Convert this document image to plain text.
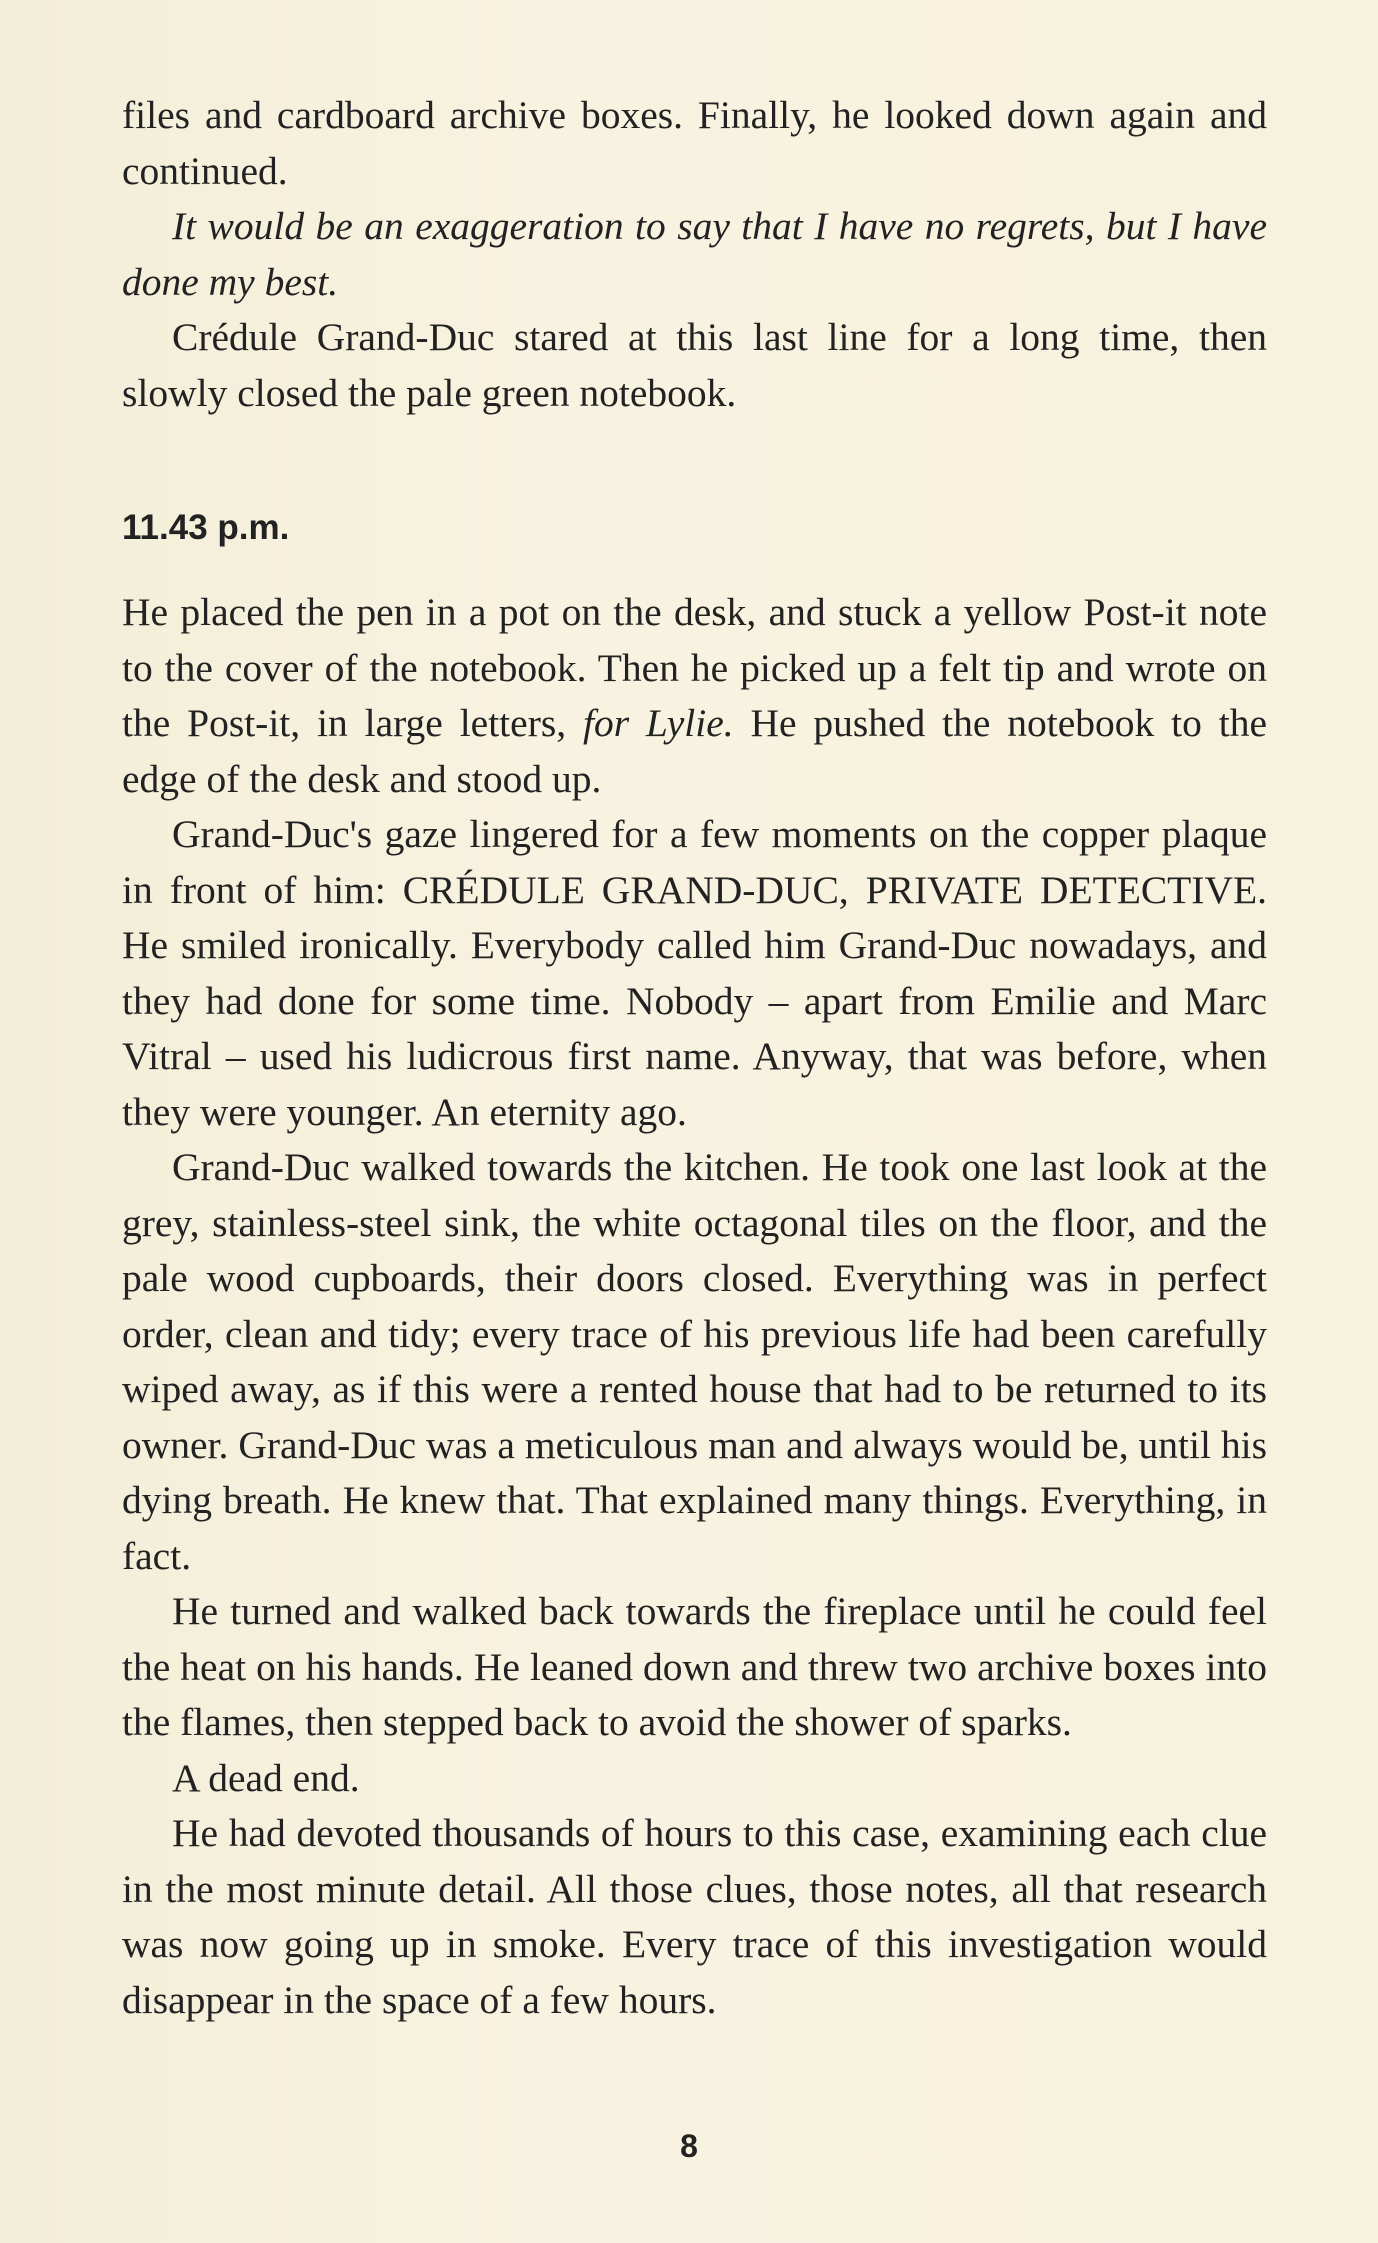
files and cardboard archive boxes. Finally, he looked down again and continued.

It would be an exaggeration to say that I have no regrets, but I have done my best.

Crédule Grand-Duc stared at this last line for a long time, then slowly closed the pale green notebook.

11.43 p.m.

He placed the pen in a pot on the desk, and stuck a yellow Post-it note to the cover of the notebook. Then he picked up a felt tip and wrote on the Post-it, in large letters, for Lylie. He pushed the notebook to the edge of the desk and stood up.

Grand-Duc's gaze lingered for a few moments on the copper plaque in front of him: CRÉDULE GRAND-DUC, PRIVATE DETECTIVE. He smiled ironically. Everybody called him Grand-Duc nowadays, and they had done for some time. Nobody – apart from Emilie and Marc Vitral – used his ludicrous first name. Anyway, that was before, when they were younger. An eternity ago.

Grand-Duc walked towards the kitchen. He took one last look at the grey, stainless-steel sink, the white octagonal tiles on the floor, and the pale wood cupboards, their doors closed. Everything was in perfect order, clean and tidy; every trace of his previous life had been carefully wiped away, as if this were a rented house that had to be returned to its owner. Grand-Duc was a meticulous man and always would be, until his dying breath. He knew that. That explained many things. Everything, in fact.

He turned and walked back towards the fireplace until he could feel the heat on his hands. He leaned down and threw two archive boxes into the flames, then stepped back to avoid the shower of sparks.

A dead end.

He had devoted thousands of hours to this case, examining each clue in the most minute detail. All those clues, those notes, all that research was now going up in smoke. Every trace of this investigation would disappear in the space of a few hours.

8
